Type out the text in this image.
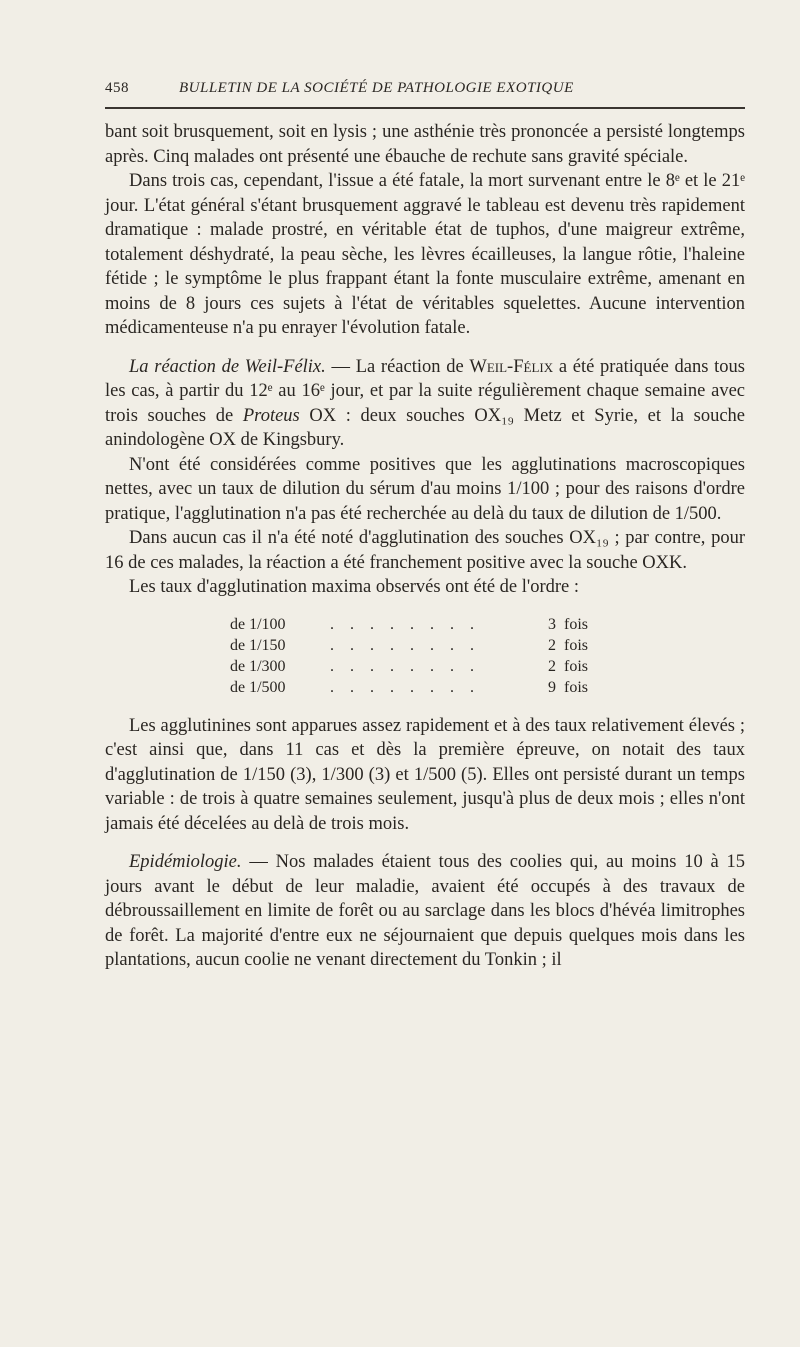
458	BULLETIN DE LA SOCIÉTÉ DE PATHOLOGIE EXOTIQUE

bant soit brusquement, soit en lysis ; une asthénie très prononcée a persisté longtemps après. Cinq malades ont présenté une ébauche de rechute sans gravité spéciale.

Dans trois cas, cependant, l'issue a été fatale, la mort survenant entre le 8ᵉ et le 21ᵉ jour. L'état général s'étant brusquement aggravé le tableau est devenu très rapidement dramatique : malade prostré, en véritable état de tuphos, d'une maigreur extrême, totalement déshydraté, la peau sèche, les lèvres écailleuses, la langue rôtie, l'haleine fétide ; le symptôme le plus frappant étant la fonte musculaire extrême, amenant en moins de 8 jours ces sujets à l'état de véritables squelettes. Aucune intervention médicamenteuse n'a pu enrayer l'évolution fatale.

La réaction de Weil-Félix. — La réaction de Weil-Félix a été pratiquée dans tous les cas, à partir du 12ᵉ au 16ᵉ jour, et par la suite régulièrement chaque semaine avec trois souches de Proteus OX : deux souches OX₁₉ Metz et Syrie, et la souche anindologène OX de Kingsbury.

N'ont été considérées comme positives que les agglutinations macroscopiques nettes, avec un taux de dilution du sérum d'au moins 1/100 ; pour des raisons d'ordre pratique, l'agglutination n'a pas été recherchée au delà du taux de dilution de 1/500.

Dans aucun cas il n'a été noté d'agglutination des souches OX₁₉ ; par contre, pour 16 de ces malades, la réaction a été franchement positive avec la souche OXK.

Les taux d'agglutination maxima observés ont été de l'ordre :

de 1/100 . . .	3 fois
de 1/150 . . .	2 fois
de 1/300 . . .	2 fois
de 1/500 . . .	9 fois

Les agglutinines sont apparues assez rapidement et à des taux relativement élevés ; c'est ainsi que, dans 11 cas et dès la première épreuve, on notait des taux d'agglutination de 1/150 (3), 1/300 (3) et 1/500 (5). Elles ont persisté durant un temps variable : de trois à quatre semaines seulement, jusqu'à plus de deux mois ; elles n'ont jamais été décelées au delà de trois mois.

Epidémiologie. — Nos malades étaient tous des coolies qui, au moins 10 à 15 jours avant le début de leur maladie, avaient été occupés à des travaux de débroussaillement en limite de forêt ou au sarclage dans les blocs d'hévéa limitrophes de forêt. La majorité d'entre eux ne séjournaient que depuis quelques mois dans les plantations, aucun coolie ne venant directement du Tonkin ; il
